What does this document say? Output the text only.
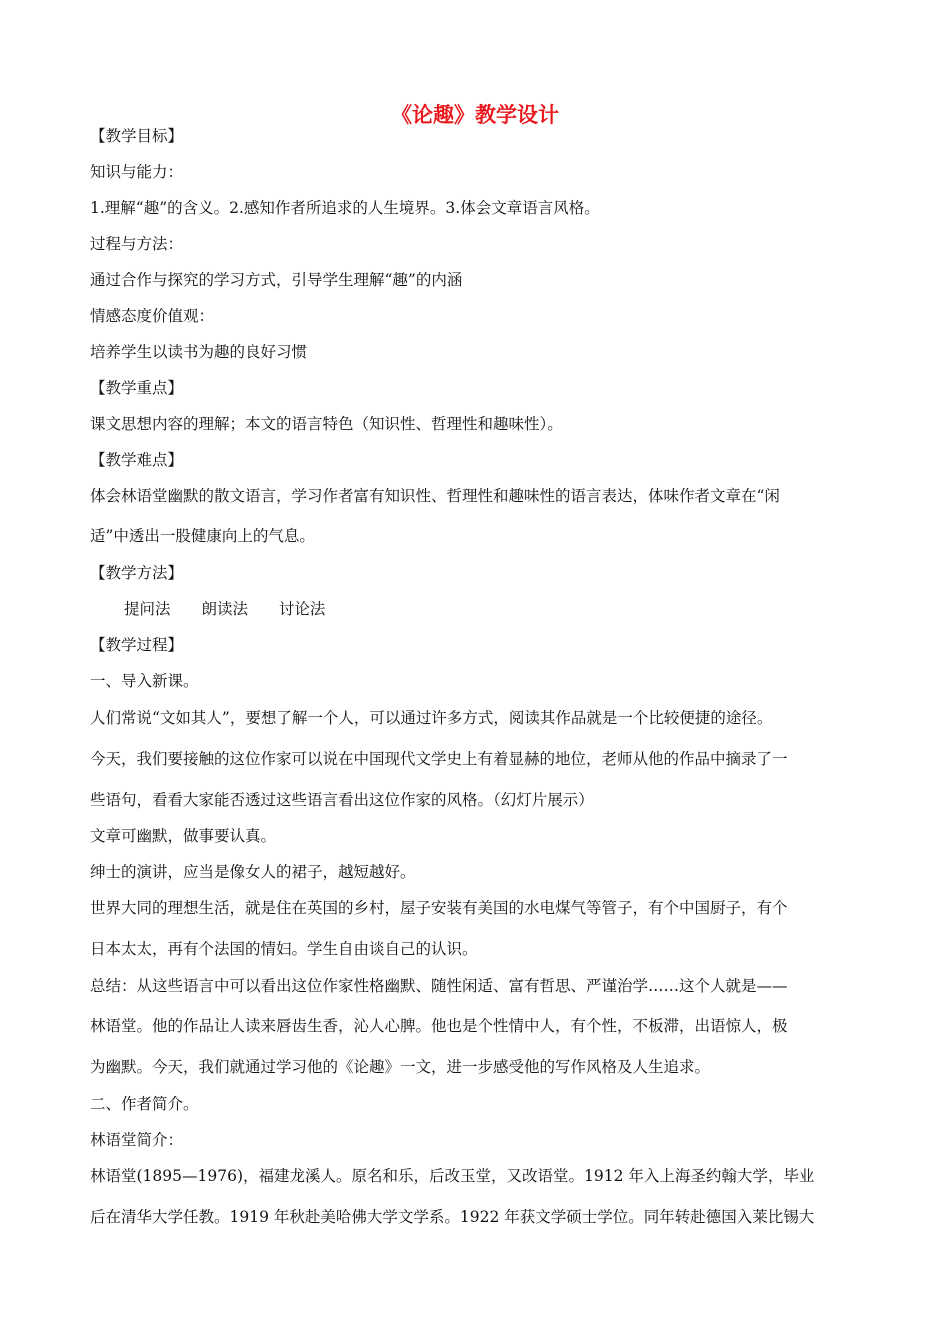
《论趣》教学设计
【教学目标】
知识与能力：
1.理解“趣”的含义。2.感知作者所追求的人生境界。3.体会文章语言风格。
过程与方法：
通过合作与探究的学习方式，引导学生理解“趣”的内涵
情感态度价值观：
培养学生以读书为趣的良好习惯
【教学重点】
课文思想内容的理解；本文的语言特色（知识性、哲理性和趣味性）。
【教学难点】
体会林语堂幽默的散文语言，学习作者富有知识性、哲理性和趣味性的语言表达，体味作者文章在“闲
适”中透出一股健康向上的气息。
【教学方法】
提问法 朗读法 讨论法
【教学过程】
一、导入新课。
人们常说“文如其人”，要想了解一个人，可以通过许多方式，阅读其作品就是一个比较便捷的途径。
今天，我们要接触的这位作家可以说在中国现代文学史上有着显赫的地位，老师从他的作品中摘录了一
些语句，看看大家能否透过这些语言看出这位作家的风格。（幻灯片展示）
文章可幽默，做事要认真。
绅士的演讲，应当是像女人的裙子，越短越好。
世界大同的理想生活，就是住在英国的乡村，屋子安装有美国的水电煤气等管子，有个中国厨子，有个
日本太太，再有个法国的情妇。学生自由谈自己的认识。
总结：从这些语言中可以看出这位作家性格幽默、随性闲适、富有哲思、严谨治学……这个人就是——
林语堂。他的作品让人读来唇齿生香，沁人心脾。他也是个性情中人，有个性，不板滞，出语惊人，极
为幽默。今天，我们就通过学习他的《论趣》一文，进一步感受他的写作风格及人生追求。
二、作者简介。
林语堂简介：
林语堂(1895—1976)，福建龙溪人。原名和乐，后改玉堂，又改语堂。1912 年入上海圣约翰大学，毕业
后在清华大学任教。1919 年秋赴美哈佛大学文学系。1922 年获文学硕士学位。同年转赴德国入莱比锡大
